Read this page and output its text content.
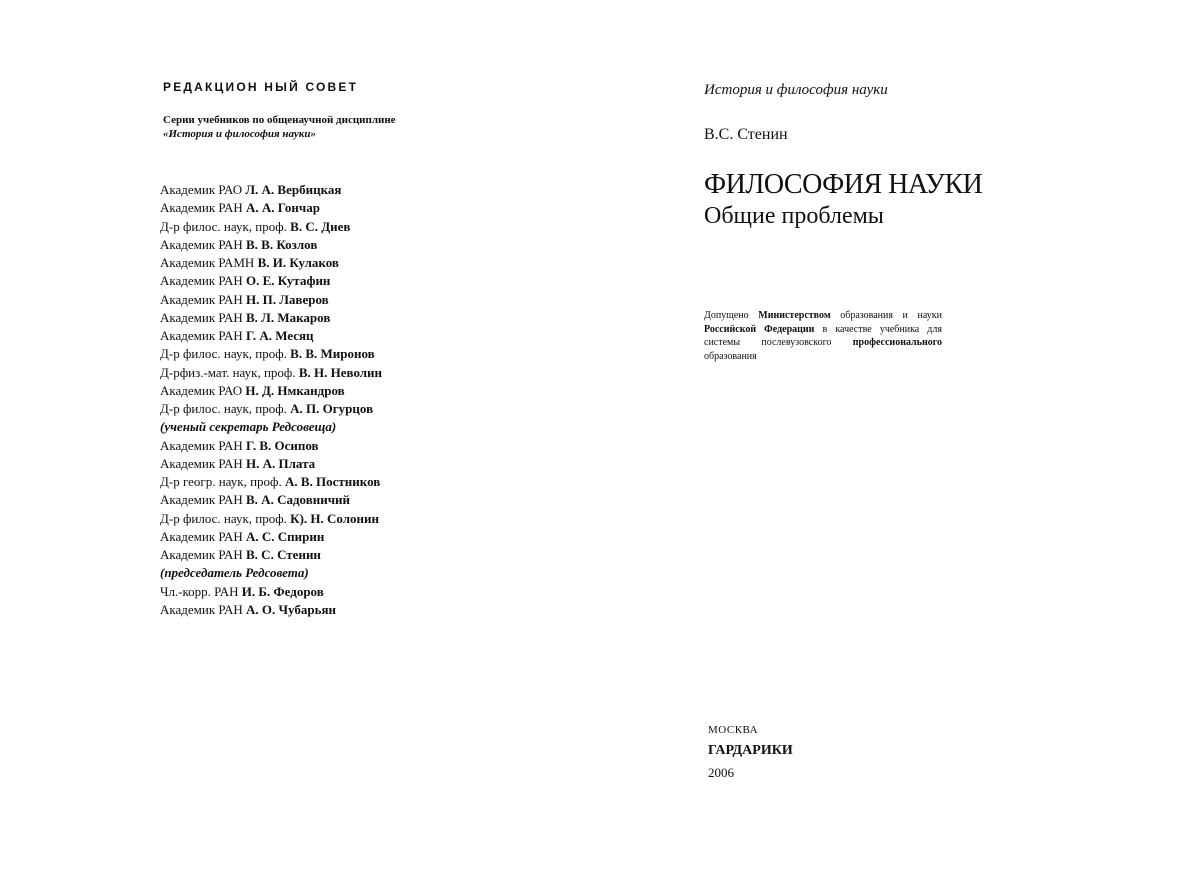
РЕДАКЦИОН НЫЙ СОВЕТ
Серии учебников по общенаучной дисциплине
«История и философия науки»
Академик РАО Л. А. Вербицкая
Академик РАН А. А. Гончар
Д-р филос. наук, проф. В. С. Диев
Академик РАН В. В. Козлов
Академик РАМН В. И. Кулаков
Академик РАН О. Е. Кутафин
Академик РАН Н. П. Лаверов
Академик РАН В. Л. Макаров
Академик РАН Г. А. Месяц
Д-р филос. наук, проф. В. В. Миронов
Д-рфиз.-мат. наук, проф. В. Н. Неволин
Академик РАО Н. Д. Нмкандров
Д-р филос. наук, проф. А. П. Огурцов
(ученый секретарь Редсовеща)
Академик РАН Г. В. Осипов
Академик РАН Н. А. Плата
Д-р геогр. наук, проф. А. В. Постников
Академик РАН В. А. Садовничий
Д-р филос. наук, проф. К). Н. Солонин
Академик РАН А. С. Спирин
Академик РАН В. С. Стенин
(председатель Редсовета)
Чл.-корр. РАН И. Б. Федоров
Академик РАН А. О. Чубарьян
История и философия науки
В.С. Стенин
ФИЛОСОФИЯ НАУКИ
Общие проблемы
Допущено Министерством образования и науки Российской Федерации в качестве учебника для системы послевузовского профессионального образования
МОСКВА
ГАРДАРИКИ
2006
